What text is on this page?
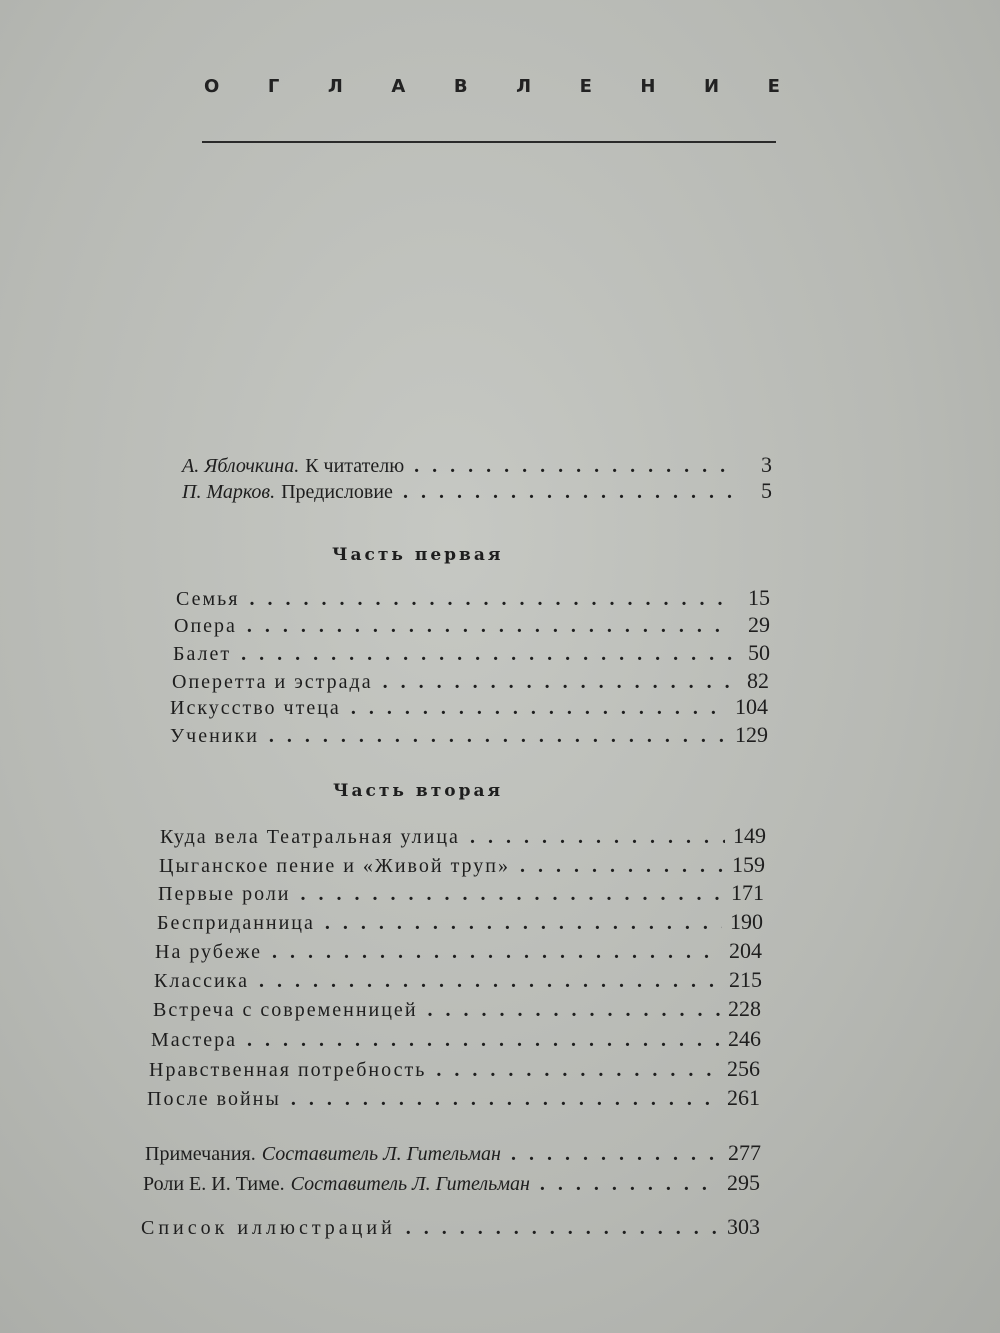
О	Г	Л	А	В	Л	Е	Н	И	Е
А. Яблочкина. К читателю . . .	3
П. Марков. Предисловие . . .	5
Часть первая
Семья . . .	15
Опера . . .	29
Балет . . .	50
Оперетта и эстрада . . .	82
Искусство чтеца . . .	104
Ученики . . .	129
Часть вторая
Куда вела Театральная улица . . .	149
Цыганское пение и «Живой труп» . . .	159
Первые роли . . .	171
Бесприданница . . .	190
На рубеже . . .	204
Классика . . .	215
Встреча с современницей . . .	228
Мастера . . .	246
Нравственная потребность . . .	256
После войны . . .	261
Примечания. Составитель Л. Гительман . . .	277
Роли Е. И. Тиме. Составитель Л. Гительман . . .	295
Список иллюстраций . . .	303
